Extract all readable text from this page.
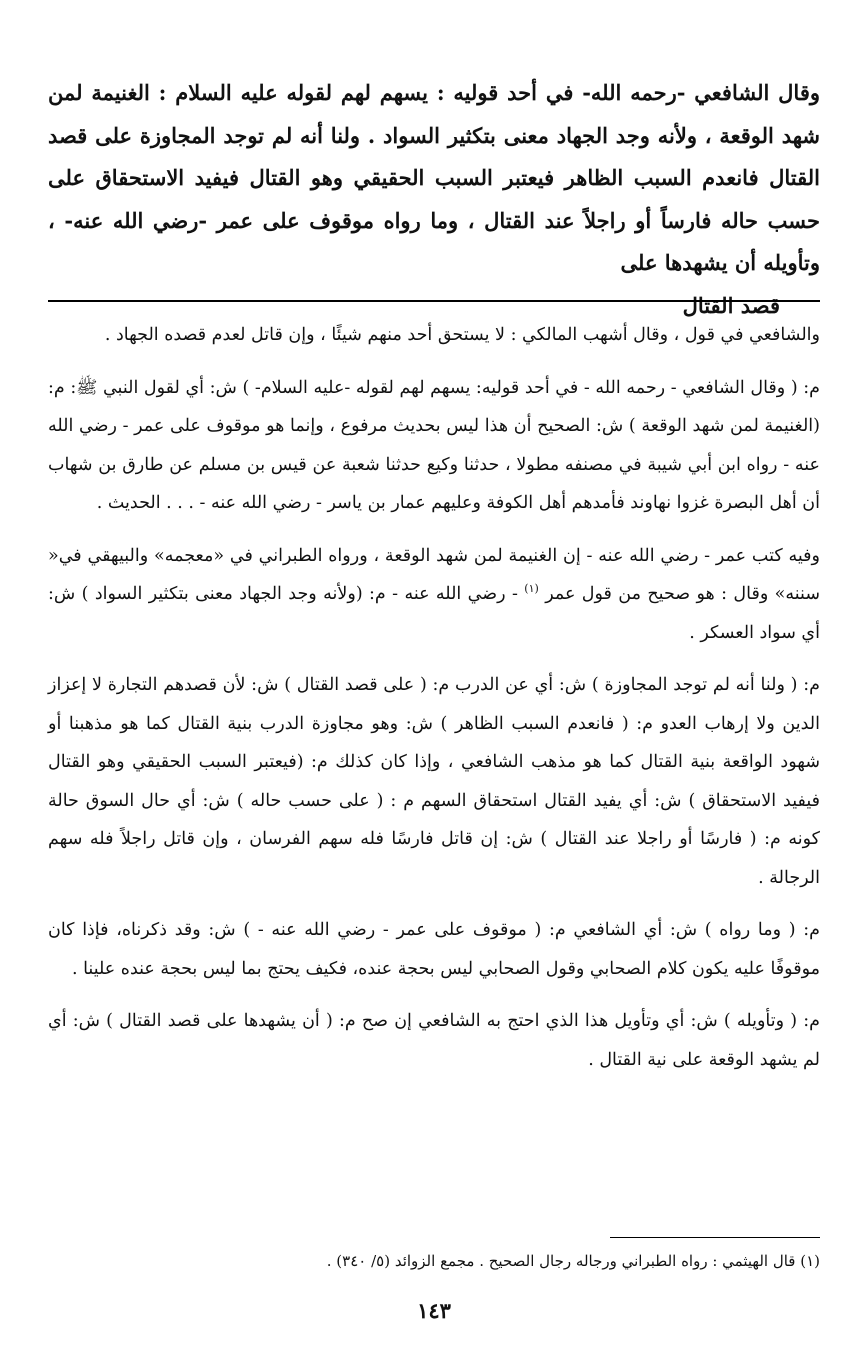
وقال الشافعي -رحمه الله- في أحد قوليه : يسهم لهم لقوله عليه السلام : الغنيمة لمن شهد الوقعة ، ولأنه وجد الجهاد معنى بتكثير السواد . ولنا أنه لم توجد المجاوزة على قصد القتال فانعدم السبب الظاهر فيعتبر السبب الحقيقي وهو القتال فيفيد الاستحقاق على حسب حاله فارساً أو راجلاً عند القتال ، وما رواه موقوف على عمر -رضي الله عنه- ، وتأويله أن يشهدها على
قصد القتال

والشافعي في قول ، وقال أشهب المالكي : لا يستحق أحد منهم شيئًا ، وإن قاتل لعدم قصده الجهاد .

م: ( وقال الشافعي - رحمه الله - في أحد قوليه: يسهم لهم لقوله -عليه السلام- ) ش: أي لقول النبي ﷺ: م: (الغنيمة لمن شهد الوقعة ) ش: الصحيح أن هذا ليس بحديث مرفوع ، وإنما هو موقوف على عمر - رضي الله عنه - رواه ابن أبي شيبة في مصنفه مطولا ، حدثنا وكيع حدثنا شعبة عن قيس بن مسلم عن طارق بن شهاب أن أهل البصرة غزوا نهاوند فأمدهم أهل الكوفة وعليهم عمار بن ياسر - رضي الله عنه - . . . الحديث .

وفيه كتب عمر - رضي الله عنه - إن الغنيمة لمن شهد الوقعة ، ورواه الطبراني في «معجمه» والبيهقي في« سننه» وقال : هو صحيح من قول عمر $^{(١)}$ - رضي الله عنه - م: (ولأنه وجد الجهاد معنى بتكثير السواد ) ش: أي سواد العسكر .

م: ( ولنا أنه لم توجد المجاوزة ) ش: أي عن الدرب م: ( على قصد القتال ) ش: لأن قصدهم التجارة لا إعزاز الدين ولا إرهاب العدو م: ( فانعدم السبب الظاهر ) ش: وهو مجاوزة الدرب بنية القتال كما هو مذهبنا أو شهود الواقعة بنية القتال كما هو مذهب الشافعي ، وإذا كان كذلك م: (فيعتبر السبب الحقيقي وهو القتال فيفيد الاستحقاق ) ش: أي يفيد القتال استحقاق السهم م : ( على حسب حاله ) ش: أي حال السوق حالة كونه م: ( فارسًا أو راجلا عند القتال ) ش: إن قاتل فارسًا فله سهم الفرسان ، وإن قاتل راجلاً فله سهم الرجالة .

م: ( وما رواه ) ش: أي الشافعي م: ( موقوف على عمر - رضي الله عنه - ) ش: وقد ذكرناه، فإذا كان موقوفًا عليه يكون كلام الصحابي وقول الصحابي ليس بحجة عنده، فكيف يحتج بما ليس بحجة عنده علينا .

م: ( وتأويله ) ش: أي وتأويل هذا الذي احتج به الشافعي إن صح م: ( أن يشهدها على قصد القتال ) ش: أي لم يشهد الوقعة على نية القتال .

(١) قال الهيثمي : رواه الطبراني ورجاله رجال الصحيح . مجمع الزوائد (٥/ ٣٤٠) .
١٤٣
